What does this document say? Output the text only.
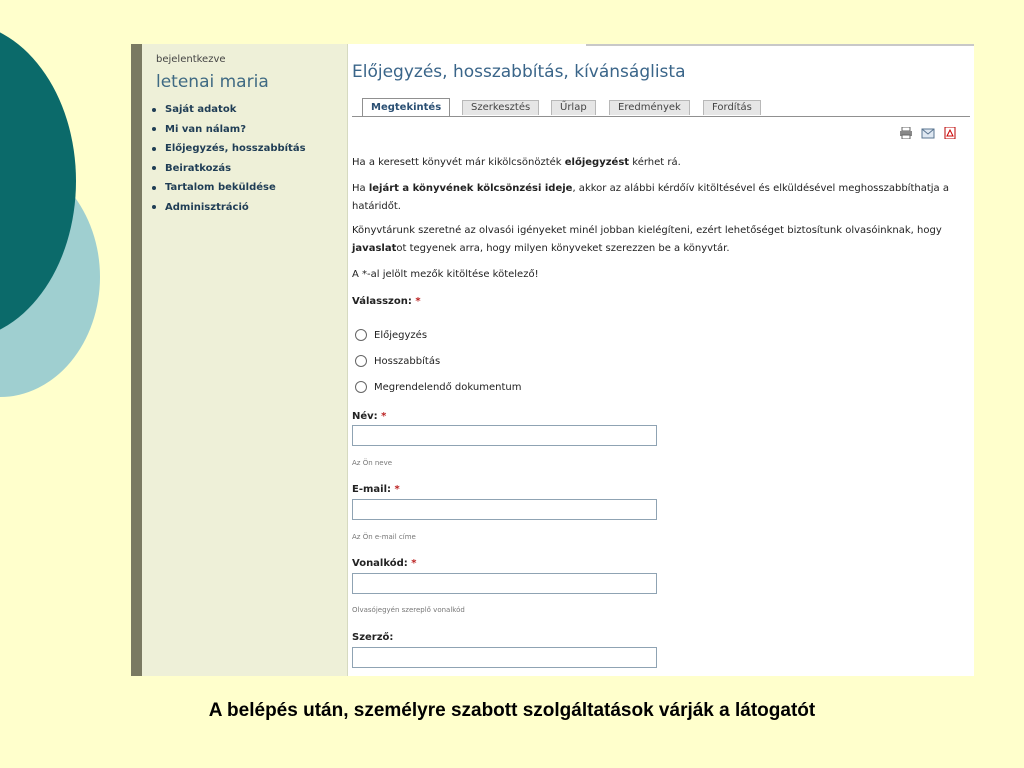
bejelentkezve
letenai maria
Saját adatok
Mi van nálam?
Előjegyzés, hosszabbítás
Beiratkozás
Tartalom beküldése
Adminisztráció
Előjegyzés, hosszabbítás, kívánságlista
Megtekintés	Szerkesztés	Űrlap	Eredmények	Fordítás
Ha a keresett könyvét már kikölcsönözték előjegyzést kérhet rá.
Ha lejárt a könyvének kölcsönzési ideje, akkor az alábbi kérdőív kitöltésével és elküldésével meghosszabbíthatja a határidőt.
Könyvtárunk szeretné az olvasói igényeket minél jobban kielégíteni, ezért lehetőséget biztosítunk olvasóinknak, hogy javaslatot tegyenek arra, hogy milyen könyveket szerezzen be a könyvtár.
A *-al jelölt mezők kitöltése kötelező!
Válasszon: *
Előjegyzés
Hosszabbítás
Megrendelendő dokumentum
Név: *
Az Ön neve
E-mail: *
Az Ön e-mail címe
Vonalkód: *
Olvasójegyén szereplő vonalkód
Szerző:
A belépés után, személyre szabott szolgáltatások várják a látogatót
